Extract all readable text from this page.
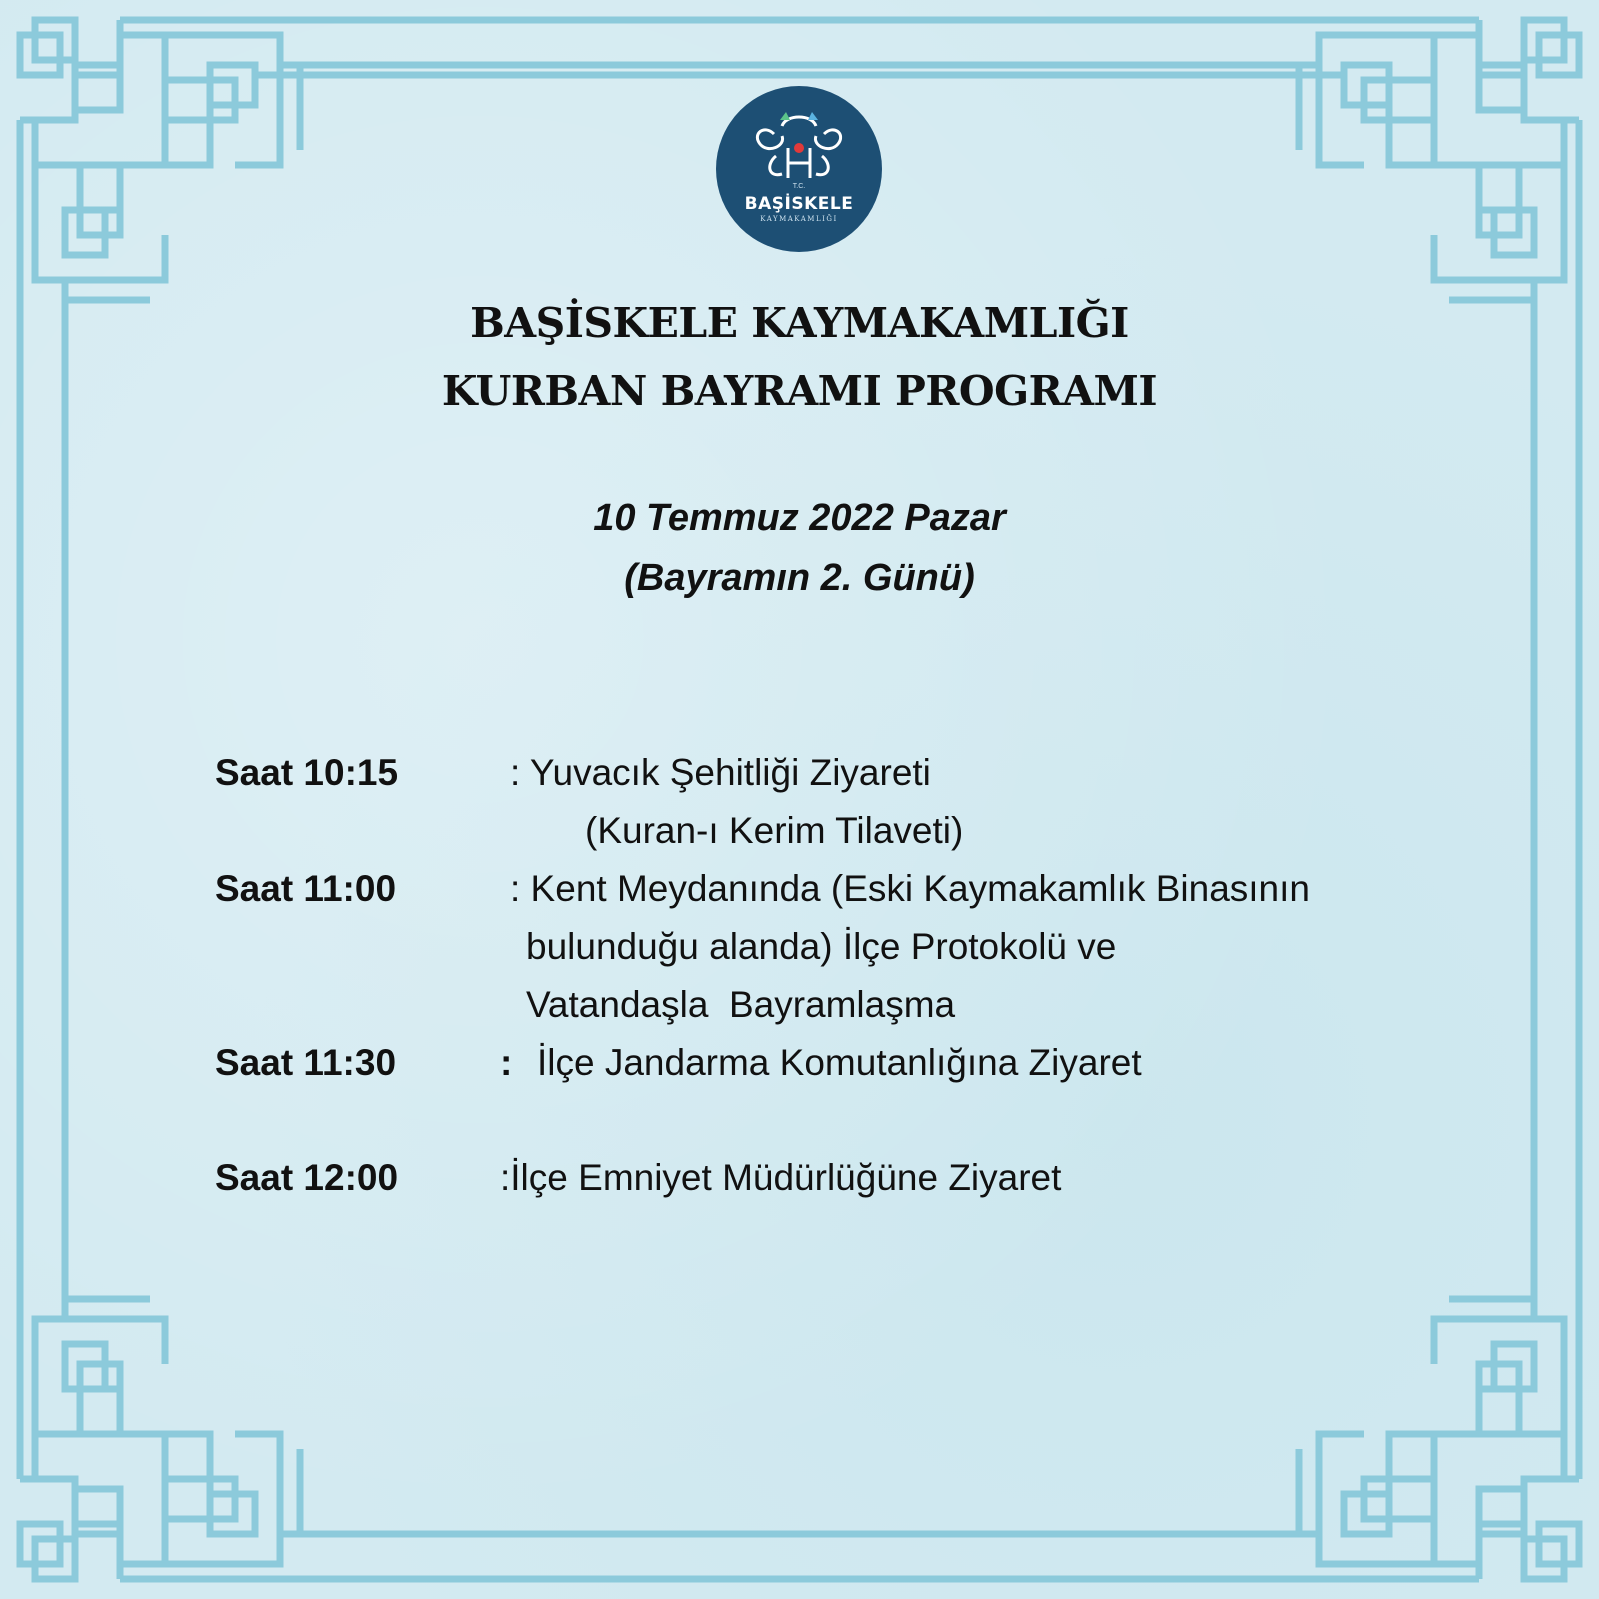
T.C.
BAŞİSKELE
KAYMAKAMLIĞI
BAŞİSKELE KAYMAKAMLIĞI
KURBAN BAYRAMI PROGRAMI
10 Temmuz 2022 Pazar
(Bayramın 2. Günü)
Saat 10:15	: Yuvacık Şehitliği Ziyareti
(Kuran-ı Kerim Tilaveti)
Saat 11:00	: Kent Meydanında (Eski Kaymakamlık Binasının
bulunduğu alanda) İlçe Protokolü ve
Vatandaşla  Bayramlaşma
Saat 11:30	: İlçe Jandarma Komutanlığına Ziyaret
Saat 12:00	:İlçe Emniyet Müdürlüğüne Ziyaret
